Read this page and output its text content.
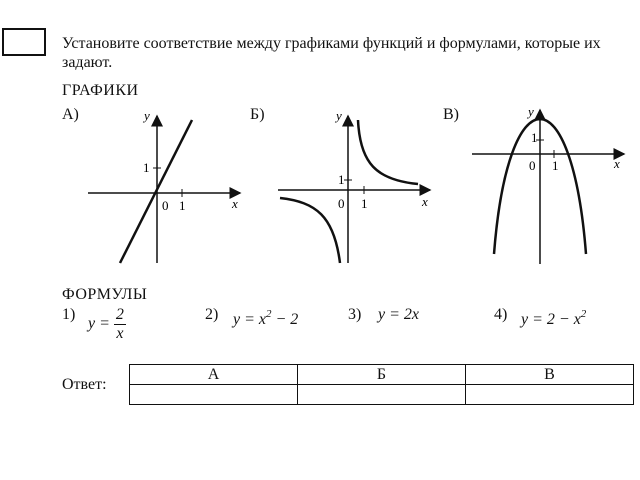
Установите соответствие между графиками функций и формулами, которые их задают.
ГРАФИКИ
А)	Б)	В)
y
x
1
0 1
y
x
1
0 1
y
x
1
0 1
ФОРМУЛЫ
1)
$y = \frac{2}{x}$	2) $y = x^2 - 2$	3) y = 2x	4) $y = 2 - x^2$
Ответ:
А	Б	В
